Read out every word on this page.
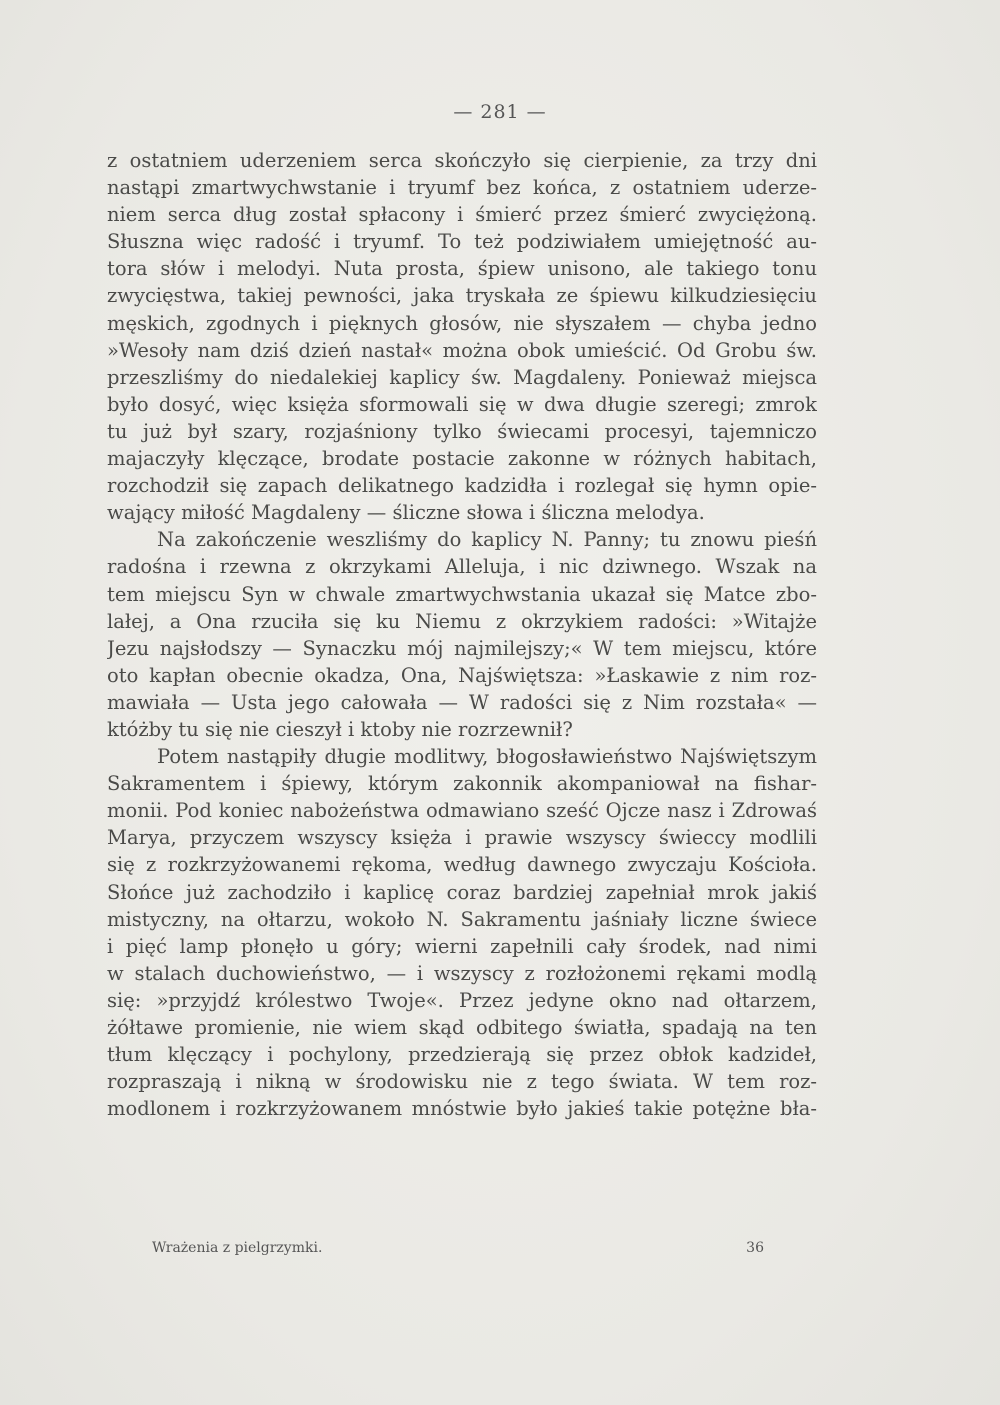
— 281 —
z ostatniem uderzeniem serca skończyło się cierpienie, za trzy dni
nastąpi zmartwychwstanie i tryumf bez końca, z ostatniem uderze-
niem serca dług został spłacony i śmierć przez śmierć zwyciężoną.
Słuszna więc radość i tryumf. To też podziwiałem umiejętność au-
tora słów i melodyi. Nuta prosta, śpiew unisono, ale takiego tonu
zwycięstwa, takiej pewności, jaka tryskała ze śpiewu kilkudziesięciu
męskich, zgodnych i pięknych głosów, nie słyszałem — chyba jedno
»Wesoły nam dziś dzień nastał« można obok umieścić. Od Grobu św.
przeszliśmy do niedalekiej kaplicy św. Magdaleny. Ponieważ miejsca
było dosyć, więc księża sformowali się w dwa długie szeregi; zmrok
tu już był szary, rozjaśniony tylko świecami procesyi, tajemniczo
majaczyły klęczące, brodate postacie zakonne w różnych habitach,
rozchodził się zapach delikatnego kadzidła i rozlegał się hymn opie-
wający miłość Magdaleny — śliczne słowa i śliczna melodya.
Na zakończenie weszliśmy do kaplicy N. Panny; tu znowu pieśń
radośna i rzewna z okrzykami Alleluja, i nic dziwnego. Wszak na
tem miejscu Syn w chwale zmartwychwstania ukazał się Matce zbo-
lałej, a Ona rzuciła się ku Niemu z okrzykiem radości: »Witajże
Jezu najsłodszy — Synaczku mój najmilejszy;« W tem miejscu, które
oto kapłan obecnie okadza, Ona, Najświętsza: »Łaskawie z nim roz-
mawiała — Usta jego całowała — W radości się z Nim rozstała« —
któżby tu się nie cieszył i ktoby nie rozrzewnił?
Potem nastąpiły długie modlitwy, błogosławieństwo Najświętszym
Sakramentem i śpiewy, którym zakonnik akompaniował na fishar-
monii. Pod koniec nabożeństwa odmawiano sześć Ojcze nasz i Zdrowaś
Marya, przyczem wszyscy księża i prawie wszyscy świeccy modlili
się z rozkrzyżowanemi rękoma, według dawnego zwyczaju Kościoła.
Słońce już zachodziło i kaplicę coraz bardziej zapełniał mrok jakiś
mistyczny, na ołtarzu, wokoło N. Sakramentu jaśniały liczne świece
i pięć lamp płonęło u góry; wierni zapełnili cały środek, nad nimi
w stalach duchowieństwo, — i wszyscy z rozłożonemi rękami modlą
się: »przyjdź królestwo Twoje«. Przez jedyne okno nad ołtarzem,
żółtawe promienie, nie wiem skąd odbitego światła, spadają na ten
tłum klęczący i pochylony, przedzierają się przez obłok kadzideł,
rozpraszają i nikną w środowisku nie z tego świata. W tem roz-
modlonem i rozkrzyżowanem mnóstwie było jakieś takie potężne bła-
Wrażenia z pielgrzymki.	36
